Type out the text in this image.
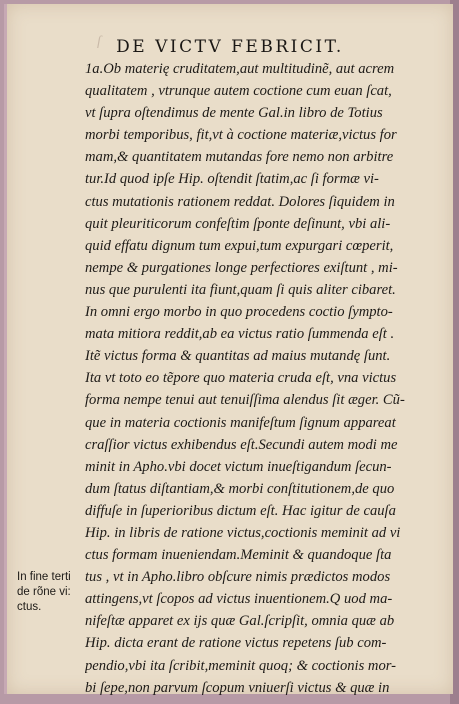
DE VICTV FEBRICIT.
ſ

1a.Ob materię cruditatem,aut multitudinẽ, aut acrem
qualitatem , vtrunque autem coctione cum euan ſcat,
vt ſupra oſtendimus de mente Gal.in libro de Totius
morbi temporibus, fit,vt à coctione materiæ,victus for
mam,& quantitatem mutandas fore nemo non arbitre
tur.Id quod ipſe Hip. oſtendit ſtatim,ac ſi formæ vi-
ctus mutationis rationem reddat. Dolores ſiquidem in
quit pleuriticorum confeſtim ſponte deſinunt, vbi ali-
quid effatu dignum tum expui,tum expurgari cœperit,
nempe & purgationes longe perfectiores exiſtunt , mi-
nus que purulenti ita fiunt,quam ſi quis aliter cibaret.
In omni ergo morbo in quo procedens coctio ſympto-
mata mitiora reddit,ab ea victus ratio ſummenda eſt .
Itẽ victus forma & quantitas ad maius mutandę ſunt.
Ita vt toto eo tẽpore quo materia cruda eſt, vna victus
forma nempe tenui aut tenuiſſima alendus ſit æger. Cũ-
que in materia coctionis manifeſtum ſignum appareat
craſſior victus exhibendus eſt.Secundi autem modi me
minit in Apho.vbi docet victum inueſtigandum ſecun-
dum ſtatus diſtantiam,& morbi conſtitutionem,de quo
diffuſe in ſuperioribus dictum eſt. Hac igitur de cauſa
Hip. in libris de ratione victus,coctionis meminit ad vi
ctus formam inueniendam.Meminit & quandoque ſta
tus , vt in Apho.libro obſcure nimis prædictos modos
attingens,vt ſcopos ad victus inuentionem.Q uod ma-
nifeſtæ apparet ex ijs quæ Gal.ſcripſit, omnia quæ ab
Hip. dicta erant de ratione victus repetens ſub com-
pendio,vbi ita ſcribit,meminit quoq; & coctionis mor-
bi ſepe,non parvum ſcopum vniuerſi victus & quæ in
In fine terti
de rõne vi:
ctus.
